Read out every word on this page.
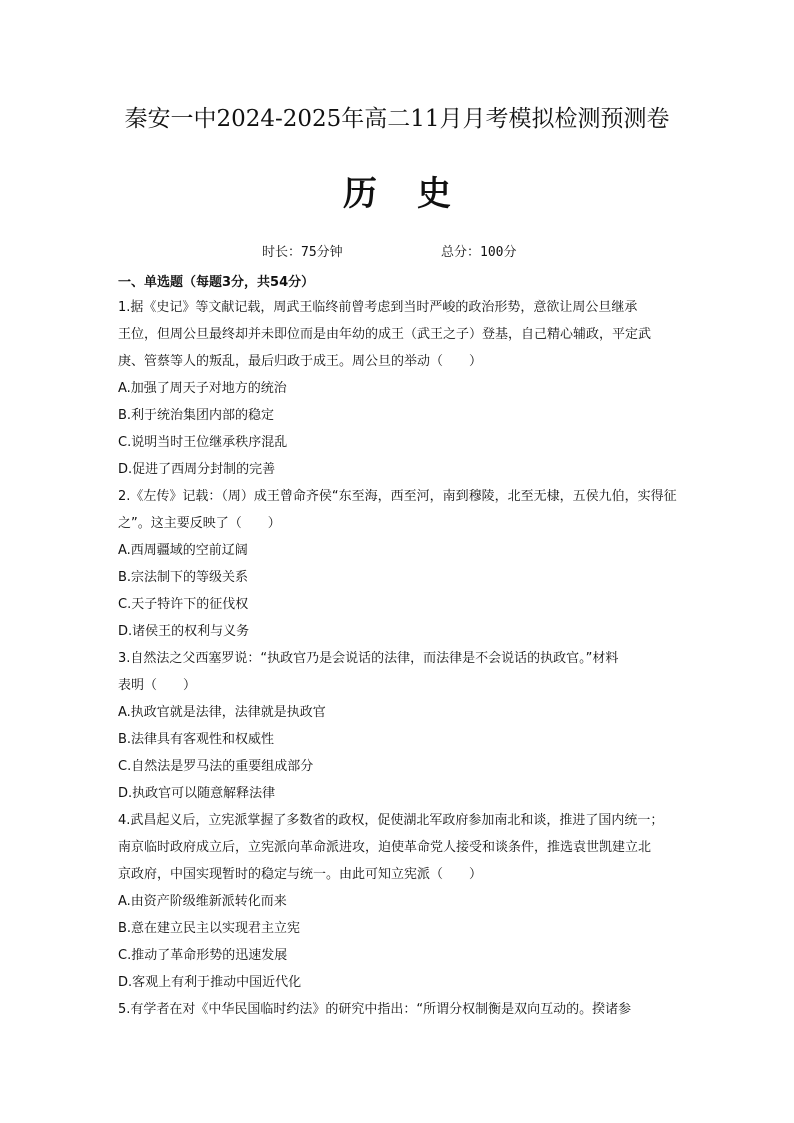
秦安一中2024-2025年高二11月月考模拟检测预测卷
历史
时长：75分钟	总分：100分
一、单选题（每题3分，共54分）
1.据《史记》等文献记载，周武王临终前曾考虑到当时严峻的政治形势，意欲让周公旦继承
王位，但周公旦最终却并未即位而是由年幼的成王（武王之子）登基，自己精心辅政，平定武
庚、管蔡等人的叛乱，最后归政于成王。周公旦的举动（　　）
A.加强了周天子对地方的统治
B.利于统治集团内部的稳定
C.说明当时王位继承秩序混乱
D.促进了西周分封制的完善
2.《左传》记载：（周）成王曾命齐侯“东至海，西至河，南到穆陵，北至无棣，五侯九伯，实得征
之”。这主要反映了（　　）
A.西周疆域的空前辽阔
B.宗法制下的等级关系
C.天子特许下的征伐权
D.诸侯王的权利与义务
3.自然法之父西塞罗说：“执政官乃是会说话的法律，而法律是不会说话的执政官。”材料
表明（　　）
A.执政官就是法律，法律就是执政官
B.法律具有客观性和权威性
C.自然法是罗马法的重要组成部分
D.执政官可以随意解释法律
4.武昌起义后，立宪派掌握了多数省的政权，促使湖北军政府参加南北和谈，推进了国内统一；
南京临时政府成立后，立宪派向革命派进攻，迫使革命党人接受和谈条件，推选袁世凯建立北
京政府，中国实现暂时的稳定与统一。由此可知立宪派（　　）
A.由资产阶级维新派转化而来
B.意在建立民主以实现君主立宪
C.推动了革命形势的迅速发展
D.客观上有利于推动中国近代化
5.有学者在对《中华民国临时约法》的研究中指出：“所谓分权制衡是双向互动的。揆诸参
